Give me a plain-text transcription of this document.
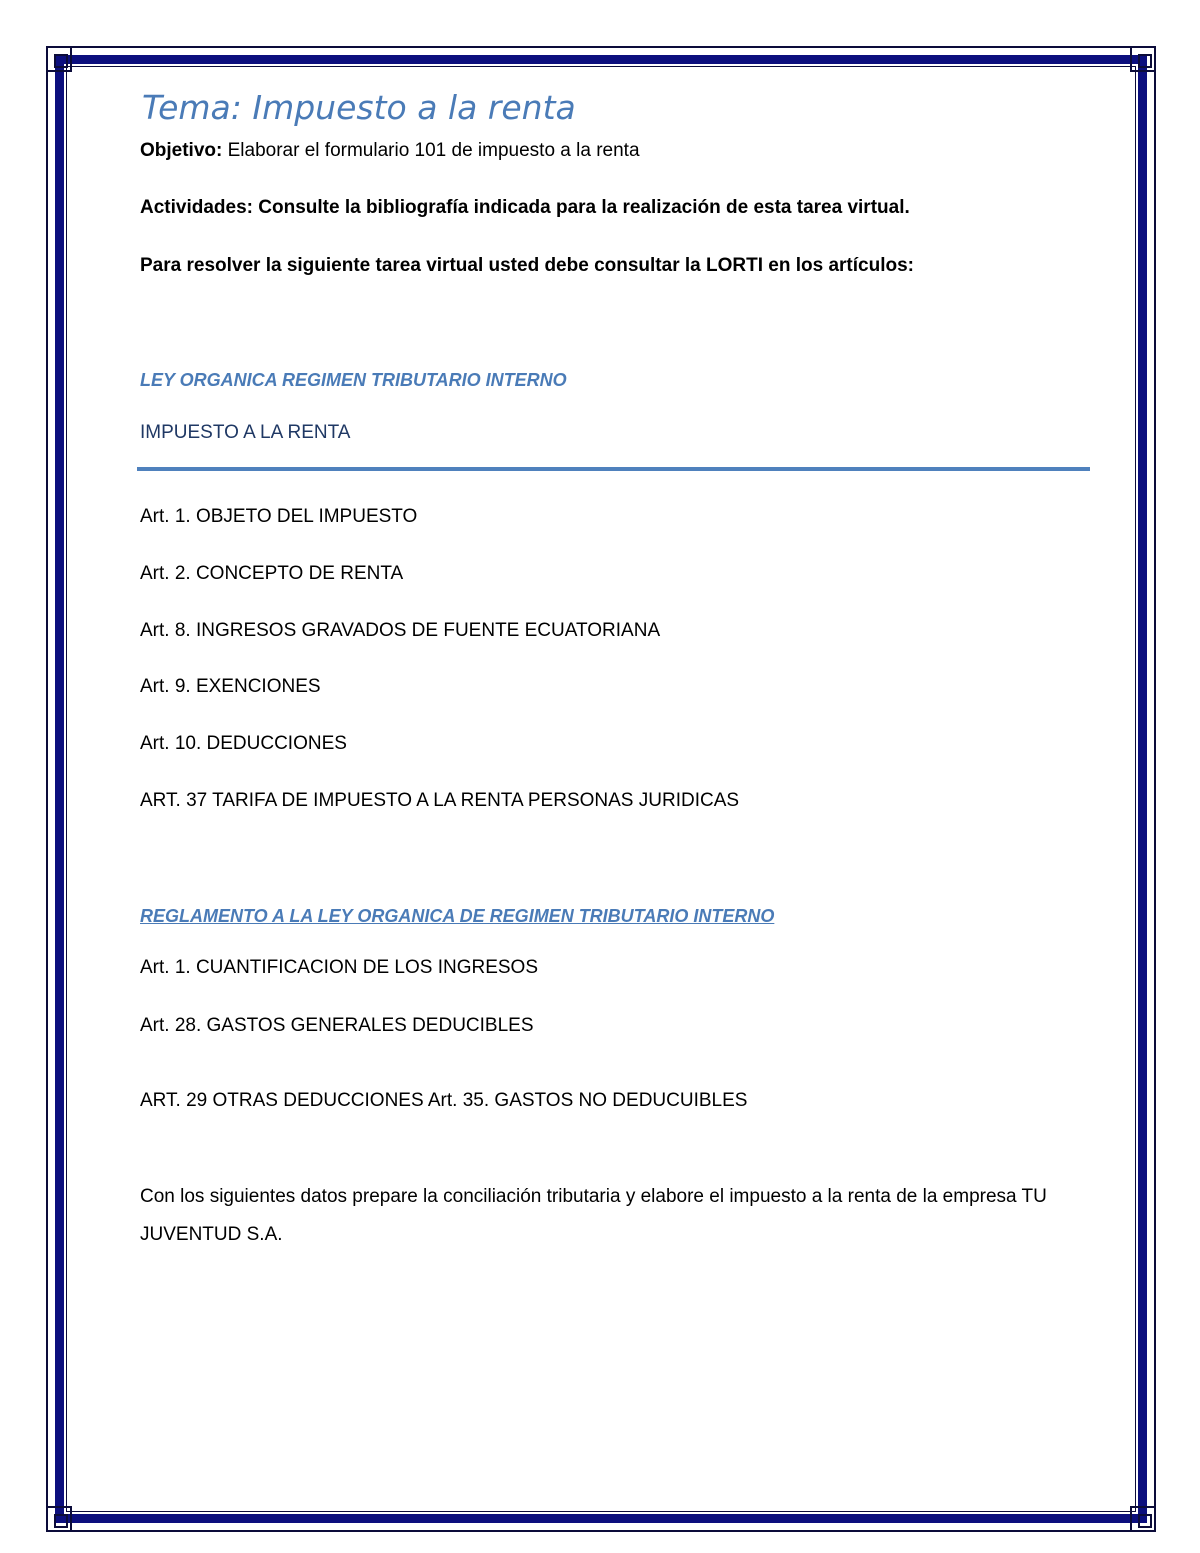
Tema: Impuesto a la renta
Objetivo: Elaborar el formulario 101 de impuesto a la renta
Actividades: Consulte la bibliografía indicada para la realización de esta tarea virtual.
Para resolver la siguiente tarea virtual usted debe consultar la LORTI en los artículos:
LEY ORGANICA REGIMEN TRIBUTARIO INTERNO
IMPUESTO A LA RENTA
Art. 1. OBJETO DEL IMPUESTO
Art. 2. CONCEPTO DE RENTA
Art. 8. INGRESOS GRAVADOS DE FUENTE ECUATORIANA
Art. 9. EXENCIONES
Art. 10. DEDUCCIONES
ART. 37 TARIFA DE IMPUESTO A LA RENTA PERSONAS JURIDICAS
REGLAMENTO A LA LEY ORGANICA DE REGIMEN TRIBUTARIO INTERNO
Art. 1. CUANTIFICACION DE LOS INGRESOS
Art. 28. GASTOS GENERALES DEDUCIBLES
ART. 29 OTRAS DEDUCCIONES Art. 35. GASTOS NO DEDUCUIBLES
Con los siguientes datos prepare la conciliación tributaria y elabore el impuesto a la renta de la empresa TU JUVENTUD S.A.
